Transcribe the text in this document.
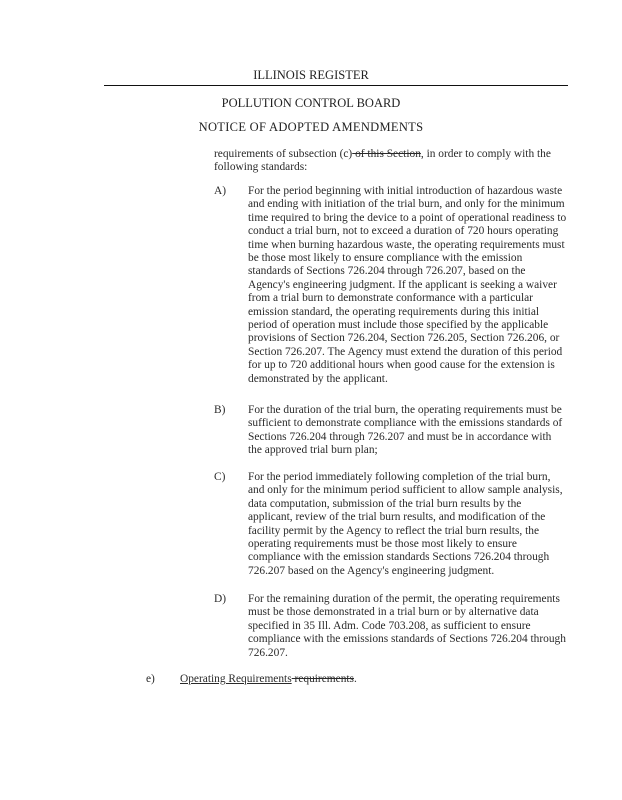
ILLINOIS REGISTER
POLLUTION CONTROL BOARD
NOTICE OF ADOPTED AMENDMENTS
requirements of subsection (c) of this Section, in order to comply with the following standards:
A) For the period beginning with initial introduction of hazardous waste and ending with initiation of the trial burn, and only for the minimum time required to bring the device to a point of operational readiness to conduct a trial burn, not to exceed a duration of 720 hours operating time when burning hazardous waste, the operating requirements must be those most likely to ensure compliance with the emission standards of Sections 726.204 through 726.207, based on the Agency's engineering judgment. If the applicant is seeking a waiver from a trial burn to demonstrate conformance with a particular emission standard, the operating requirements during this initial period of operation must include those specified by the applicable provisions of Section 726.204, Section 726.205, Section 726.206, or Section 726.207. The Agency must extend the duration of this period for up to 720 additional hours when good cause for the extension is demonstrated by the applicant.
B) For the duration of the trial burn, the operating requirements must be sufficient to demonstrate compliance with the emissions standards of Sections 726.204 through 726.207 and must be in accordance with the approved trial burn plan;
C) For the period immediately following completion of the trial burn, and only for the minimum period sufficient to allow sample analysis, data computation, submission of the trial burn results by the applicant, review of the trial burn results, and modification of the facility permit by the Agency to reflect the trial burn results, the operating requirements must be those most likely to ensure compliance with the emission standards Sections 726.204 through 726.207 based on the Agency's engineering judgment.
D) For the remaining duration of the permit, the operating requirements must be those demonstrated in a trial burn or by alternative data specified in 35 Ill. Adm. Code 703.208, as sufficient to ensure compliance with the emissions standards of Sections 726.204 through 726.207.
e) Operating Requirements requirements.
